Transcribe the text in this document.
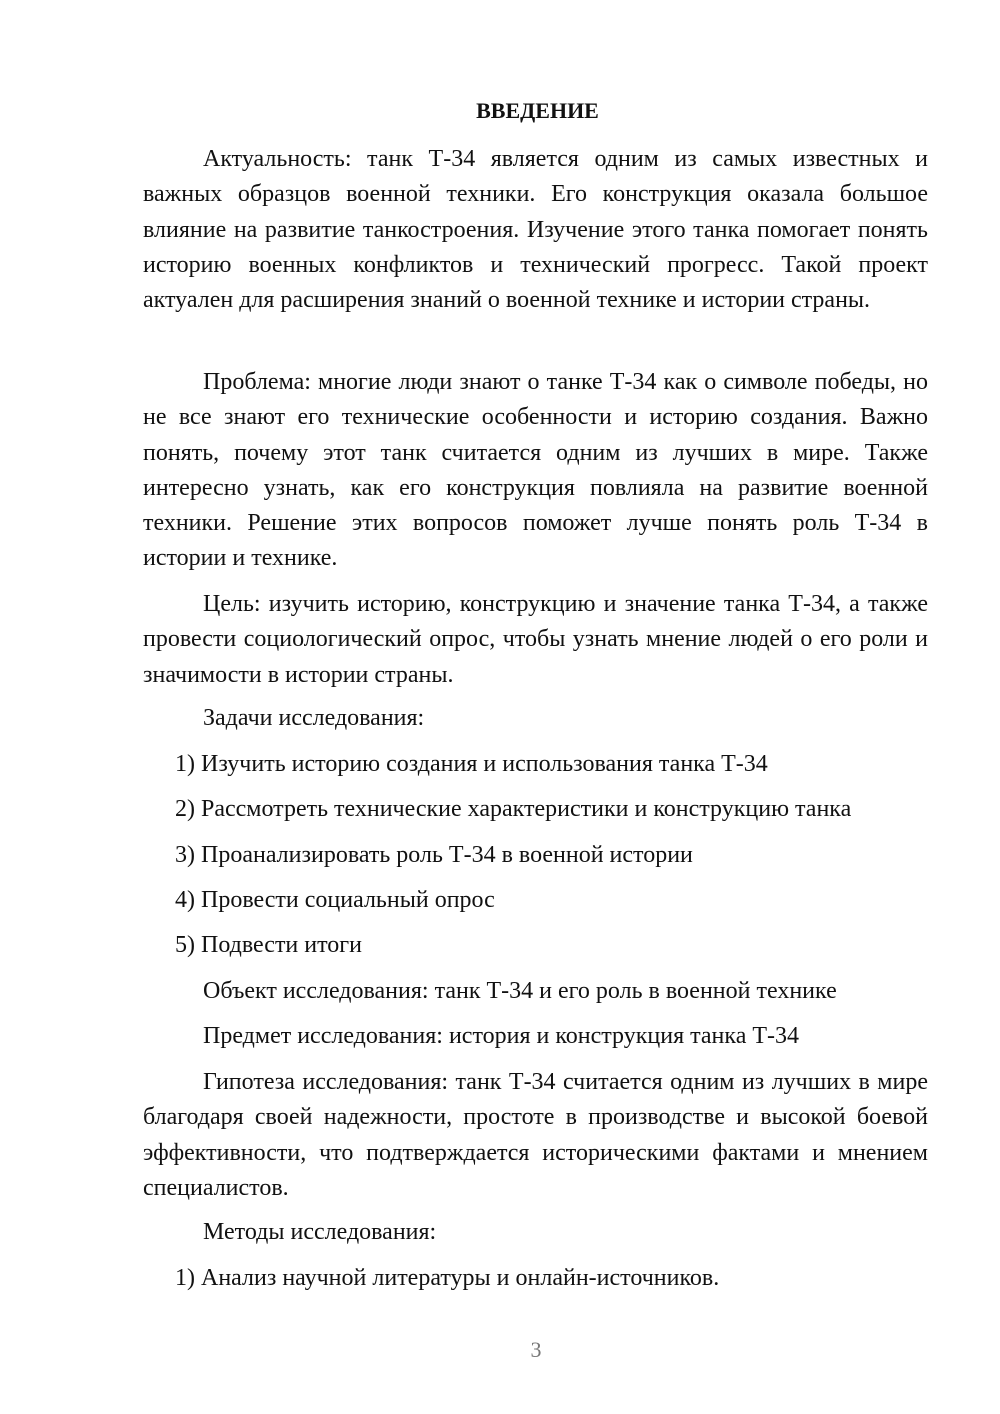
ВВЕДЕНИЕ

Актуальность: танк Т-34 является одним из самых известных и важных образцов военной техники. Его конструкция оказала большое влияние на развитие танкостроения. Изучение этого танка помогает понять историю военных конфликтов и технический прогресс. Такой проект актуален для расширения знаний о военной технике и истории страны.

Проблема: многие люди знают о танке Т-34 как о символе победы, но не все знают его технические особенности и историю создания. Важно понять, почему этот танк считается одним из лучших в мире. Также интересно узнать, как его конструкция повлияла на развитие военной техники. Решение этих вопросов поможет лучше понять роль Т-34 в истории и технике.

Цель: изучить историю, конструкцию и значение танка Т-34, а также провести социологический опрос, чтобы узнать мнение людей о его роли и значимости в истории страны.

Задачи исследования:

1) Изучить историю создания и использования танка Т-34

2) Рассмотреть технические характеристики и конструкцию танка

3) Проанализировать роль Т-34 в военной истории

4) Провести социальный опрос

5) Подвести итоги

Объект исследования: танк Т-34 и его роль в военной технике

Предмет исследования: история и конструкция танка Т-34

Гипотеза исследования: танк Т-34 считается одним из лучших в мире благодаря своей надежности, простоте в производстве и высокой боевой эффективности, что подтверждается историческими фактами и мнением специалистов.

Методы исследования:

1) Анализ научной литературы и онлайн-источников.

3
